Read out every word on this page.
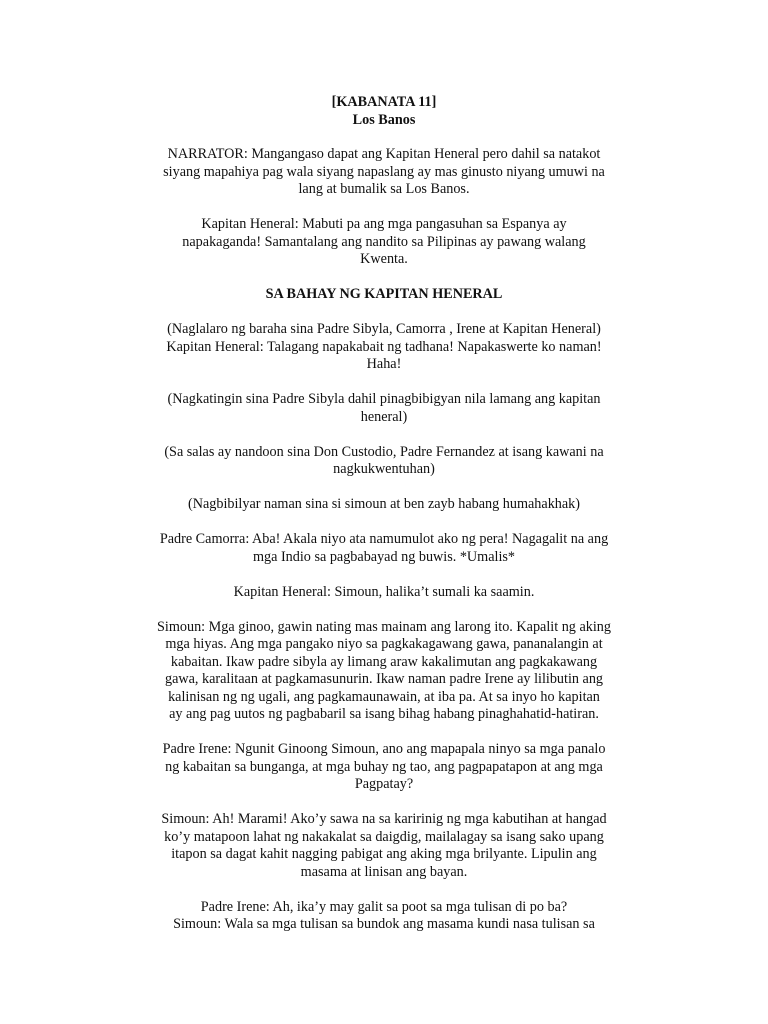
[KABANATA 11]
Los Banos
NARRATOR: Mangangaso dapat ang Kapitan Heneral pero dahil sa natakot
siyang mapahiya pag wala siyang napaslang ay mas ginusto niyang umuwi na
lang at bumalik sa Los Banos.
Kapitan Heneral: Mabuti pa ang mga pangasuhan sa Espanya ay
napakaganda! Samantalang ang nandito sa Pilipinas ay pawang walang
Kwenta.
SA BAHAY NG KAPITAN HENERAL
(Naglalaro ng baraha sina Padre Sibyla, Camorra , Irene at Kapitan Heneral)
Kapitan Heneral: Talagang napakabait ng tadhana! Napakaswerte ko naman!
Haha!
(Nagkatingin sina Padre Sibyla dahil pinagbibigyan nila lamang ang kapitan
heneral)
(Sa salas ay nandoon sina Don Custodio, Padre Fernandez at isang kawani na
nagkukwentuhan)
(Nagbibilyar naman sina si simoun at ben zayb habang humahakhak)
Padre Camorra: Aba! Akala niyo ata namumulot ako ng pera! Nagagalit na ang
mga Indio sa pagbabayad ng buwis. *Umalis*
Kapitan Heneral: Simoun, halika’t sumali ka saamin.
Simoun: Mga ginoo, gawin nating mas mainam ang larong ito. Kapalit ng aking
mga hiyas. Ang mga pangako niyo sa pagkakagawang gawa, pananalangin at
kabaitan. Ikaw padre sibyla ay limang araw kakalimutan ang pagkakawang
gawa, karalitaan at pagkamasunurin. Ikaw naman padre Irene ay lilibutin ang
kalinisan ng ng ugali, ang pagkamaunawain, at iba pa. At sa inyo ho kapitan
ay ang pag uutos ng pagbabaril sa isang bihag habang pinaghahatid-hatiran.
Padre Irene: Ngunit Ginoong Simoun, ano ang mapapala ninyo sa mga panalo
ng kabaitan sa bunganga, at mga buhay ng tao, ang pagpapatapon at ang mga
Pagpatay?
Simoun: Ah! Marami! Ako’y sawa na sa karirinig ng mga kabutihan at hangad
ko’y matapoon lahat ng nakakalat sa daigdig, mailalagay sa isang sako upang
itapon sa dagat kahit nagging pabigat ang aking mga brilyante. Lipulin ang
masama at linisan ang bayan.
Padre Irene: Ah, ika’y may galit sa poot sa mga tulisan di po ba?
Simoun: Wala sa mga tulisan sa bundok ang masama kundi nasa tulisan sa
